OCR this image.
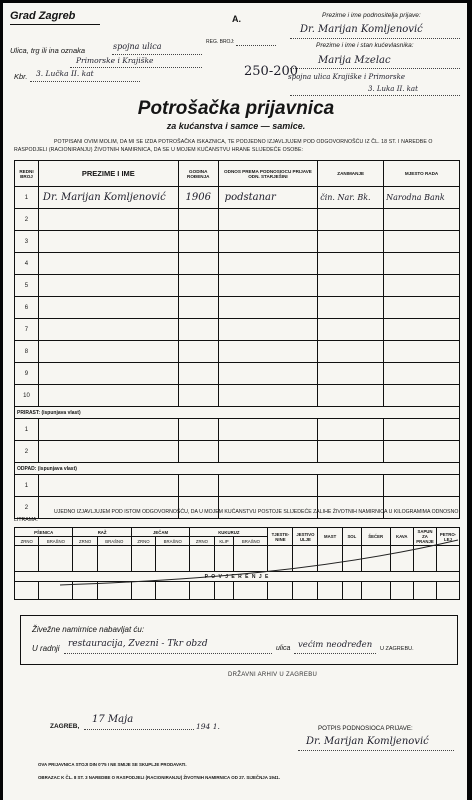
Grad Zagreb	A.
REG. BROJ:
Ulica, trg ili ina oznaka	spojna ulica
Primorske i Krajiške
Kbr. 3. Lučka II. kat	250-200
Prezime i ime podnositelja prijave:
Dr. Marijan Komljenović
Prezime i ime i stan kućevlasnika:
Marija Mzelac
spojna ulica Krajiške i Primorske
3. Luka II. kat
Potrošačka prijavnica
za kućanstva i samce — samice.
POTPISANI OVIM MOLIM, DA MI SE IZDA POTROŠAČKA ISKAZNICA, TE PODJEDNO IZJAVLJUJEM POD ODGOVORNOŠĆU IZ ČL. 18 ST. I NAREDBE O RASPODJELI (RACIONIRANJU) ŽIVOTNIH NAMIRNICA, DA SE U MOJEM KUĆANSTVU HRANE SLIJEDEĆE OSOBE:
REDNI BROJ	PREZIME I IME	GODINA ROĐENJA	ODNOS PREMA PODNOSIOCU PRIJAVE ODN. STARJEŠINI	ZANIMANJE	MJESTO RADA
1	Dr. Marijan Komljenović	1906	podstanar	čin. Nar. Bk.	Narodna Bank
2					
3					
4					
5					
6					
7					
8					
9					
10					
PRIRAST: (ispunjava vlast)					
1					
2					
ODPAD: (ispunjava vlast)					
1					
2					
UJEDNO IZJAVLJUJEM POD ISTOM ODGOVORNOŠĆU, DA U MOJEM KUĆANSTVU POSTOJE SLIJEDEĆE ZALIHE ŽIVOTNIH NAMIRNICA U KILOGRAMIMA ODNOSNO LITRAMA:
PŠENICA		RAŽ		JEČAM		KUKURUZ			TJESTE-NINE	JESTIVO ULJE	MAST	SOL	ŠEĆER	KAVA	SAPUN ZA PRANJE	PETRO-LEJ
ZRNO	BRAŠNO	ZRNO	BRAŠNO	ZRNO	BRAŠNO	ZRNO	KLIP	BRAŠNO								

P O V J E R E N J E																

Živežne namirnice nabavljat ću:
U radnji restauracija, Zvezni - Tkr obzd	ulica većim neodređen U ZAGREBU.
DRŽAVNI ARHIV U ZAGREBU
ZAGREB,
17 Maja
194 1.	POTPIS PODNOSIOCA PRIJAVE:
Dr. Marijan Komljenović
OVA PRIJAVNICA STOJI DIN 0'75 I NE SMIJE SE SKUPLJE PRODAVATI.
OBRAZAC K ČL. 8 ST. 3 NAREDBE O RASPODJELI (RACIONIRANJU) ŽIVOTNIH NAMIRNICA OD 27. SIJEČNJA 1941.
